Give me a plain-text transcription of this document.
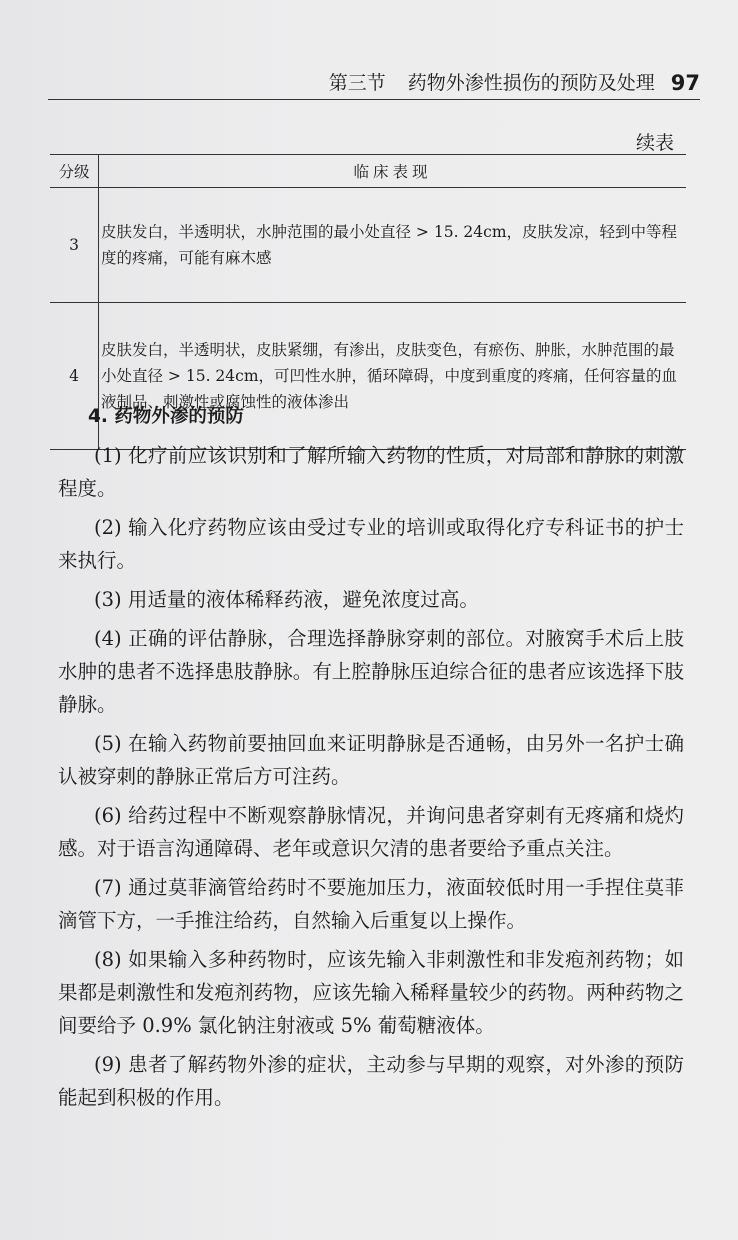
第三节 药物外渗性损伤的预防及处理 97
续表
分级	临床表现
3	皮肤发白，半透明状，水肿范围的最小处直径 > 15. 24cm，皮肤发凉，轻到中等程度的疼痛，可能有麻木感
4	皮肤发白，半透明状，皮肤紧绷，有渗出，皮肤变色，有瘀伤、肿胀，水肿范围的最小处直径 > 15. 24cm，可凹性水肿，循环障碍，中度到重度的疼痛，任何容量的血液制品、刺激性或腐蚀性的液体渗出
4. 药物外渗的预防

(1) 化疗前应该识别和了解所输入药物的性质，对局部和静脉的刺激程度。

(2) 输入化疗药物应该由受过专业的培训或取得化疗专科证书的护士来执行。

(3) 用适量的液体稀释药液，避免浓度过高。

(4) 正确的评估静脉，合理选择静脉穿刺的部位。对腋窝手术后上肢水肿的患者不选择患肢静脉。有上腔静脉压迫综合征的患者应该选择下肢静脉。

(5) 在输入药物前要抽回血来证明静脉是否通畅，由另外一名护士确认被穿刺的静脉正常后方可注药。

(6) 给药过程中不断观察静脉情况，并询问患者穿刺有无疼痛和烧灼感。对于语言沟通障碍、老年或意识欠清的患者要给予重点关注。

(7) 通过莫菲滴管给药时不要施加压力，液面较低时用一手捏住莫菲滴管下方，一手推注给药，自然输入后重复以上操作。

(8) 如果输入多种药物时，应该先输入非刺激性和非发疱剂药物；如果都是刺激性和发疱剂药物，应该先输入稀释量较少的药物。两种药物之间要给予 0.9% 氯化钠注射液或 5% 葡萄糖液体。

(9) 患者了解药物外渗的症状，主动参与早期的观察，对外渗的预防能起到积极的作用。
